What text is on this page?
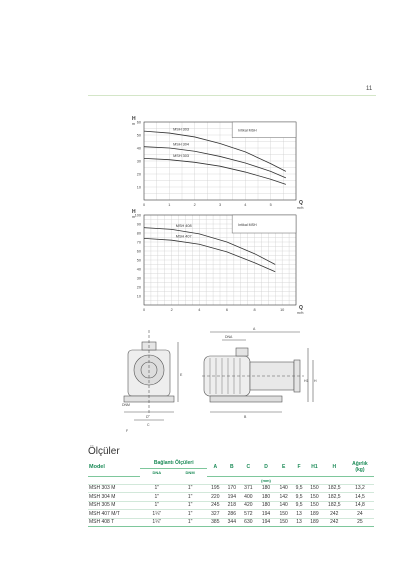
11
Intikal MSH
H
m
10
20
30
40
50
60
0	1	2	3	4	5	Q
m³/h
MSH 303
MSH 304
MSH 303
Intikal MSH
H
m
10
20
30
40
50
60
70
80
90
100
0	2	4	6	8	10	Q
m³/h
MSH 408
MSH 407
DNA
A
B
C
D
E
F
H1 H
DNM
Ölçüler
Model	Bağlantı Ölçüleri		A	B	C	D	E	F	H1	H	Ağırlık
(kg)
	DNA	DNM									
						(mm)					
MSH 303 M	1"	1"	195	170	371	180	140	9,5	150	182,5	13,2
MSH 304 M	1"	1"	220	194	400	180	142	9,5	150	182,5	14,5
MSH 305 M	1"	1"	245	218	420	180	140	9,5	150	182,5	14,8
MSH 407 M/T	1¼"	1"	327	286	572	194	150	13	189	242	24
MSH 408 T	1¼"	1"	385	344	630	194	150	13	189	242	25
